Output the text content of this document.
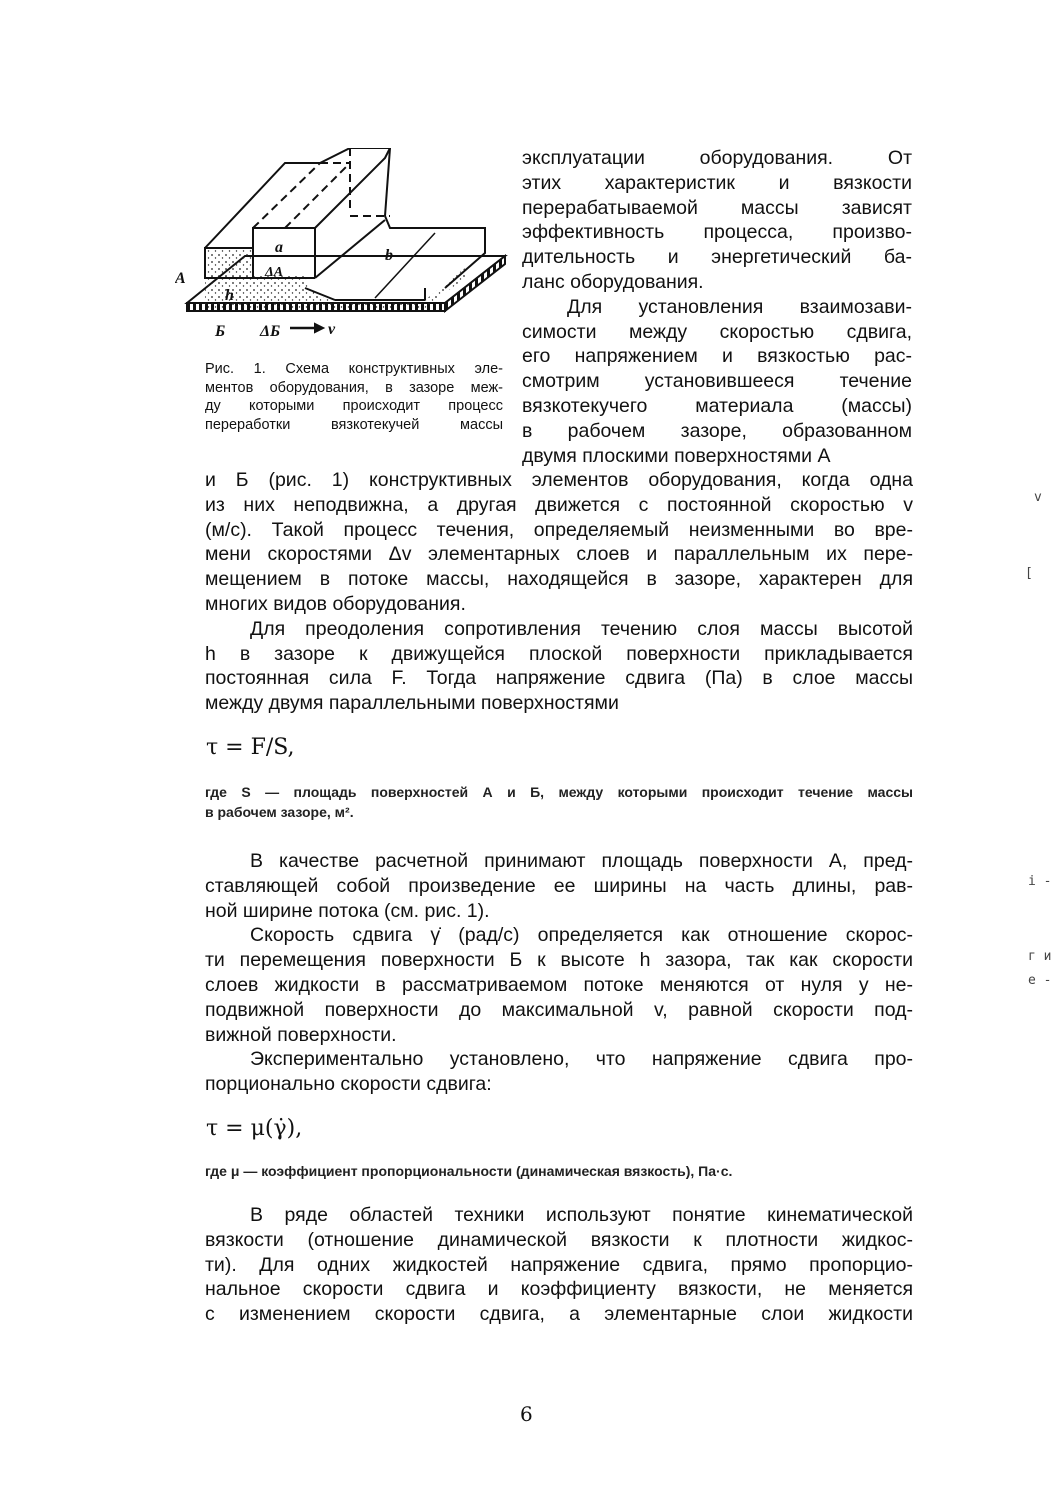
А
h
a
ΔA
b
Б ΔБ	v
Рис. 1. Схема конструктивных эле-
ментов оборудования, в зазоре меж-
ду которыми происходит процесс
переработки вязкотекучей массы
эксплуатации оборудования. От
этих характеристик и вязкости
перерабатываемой массы зависят
эффективность процесса, произво-
дительность и энергетический ба-
ланс оборудования.
Для установления взаимозави-
симости между скоростью сдвига,
его напряжением и вязкостью рас-
смотрим установившееся течение
вязкотекучего материала (массы)
в рабочем зазоре, образованном
двумя плоскими поверхностями А
и Б (рис. 1) конструктивных элементов оборудования, когда одна
из них неподвижна, а другая движется с постоянной скоростью v
(м/с). Такой процесс течения, определяемый неизменными во вре-
мени скоростями Δv элементарных слоев и параллельным их пере-
мещением в потоке массы, находящейся в зазоре, характерен для
многих видов оборудования.
Для преодоления сопротивления течению слоя массы высотой
h в зазоре к движущейся плоской поверхности прикладывается
постоянная сила F. Тогда напряжение сдвига (Па) в слое массы
между двумя параллельными поверхностями
τ = F/S,
где S — площадь поверхностей А и Б, между которыми происходит течение массы
в рабочем зазоре, м².
В качестве расчетной принимают площадь поверхности А, пред-
ставляющей собой произведение ее ширины на часть длины, рав-
ной ширине потока (см. рис. 1).
Скорость сдвига γ̇ (рад/с) определяется как отношение скорос-
ти перемещения поверхности Б к высоте h зазора, так как скорости
слоев жидкости в рассматриваемом потоке меняются от нуля у не-
подвижной поверхности до максимальной v, равной скорости под-
вижной поверхности.
Экспериментально установлено, что напряжение сдвига про-
порционально скорости сдвига:
τ = μ(γ̇),
где μ — коэффициент пропорциональности (динамическая вязкость), Па·с.
В ряде областей техники используют понятие кинематической
вязкости (отношение динамической вязкости к плотности жидкос-
ти). Для одних жидкостей напряжение сдвига, прямо пропорцио-
нальное скорости сдвига и коэффициенту вязкости, не меняется
с изменением скорости сдвига, а элементарные слои жидкости
v
[
і -
г и
е -
6
